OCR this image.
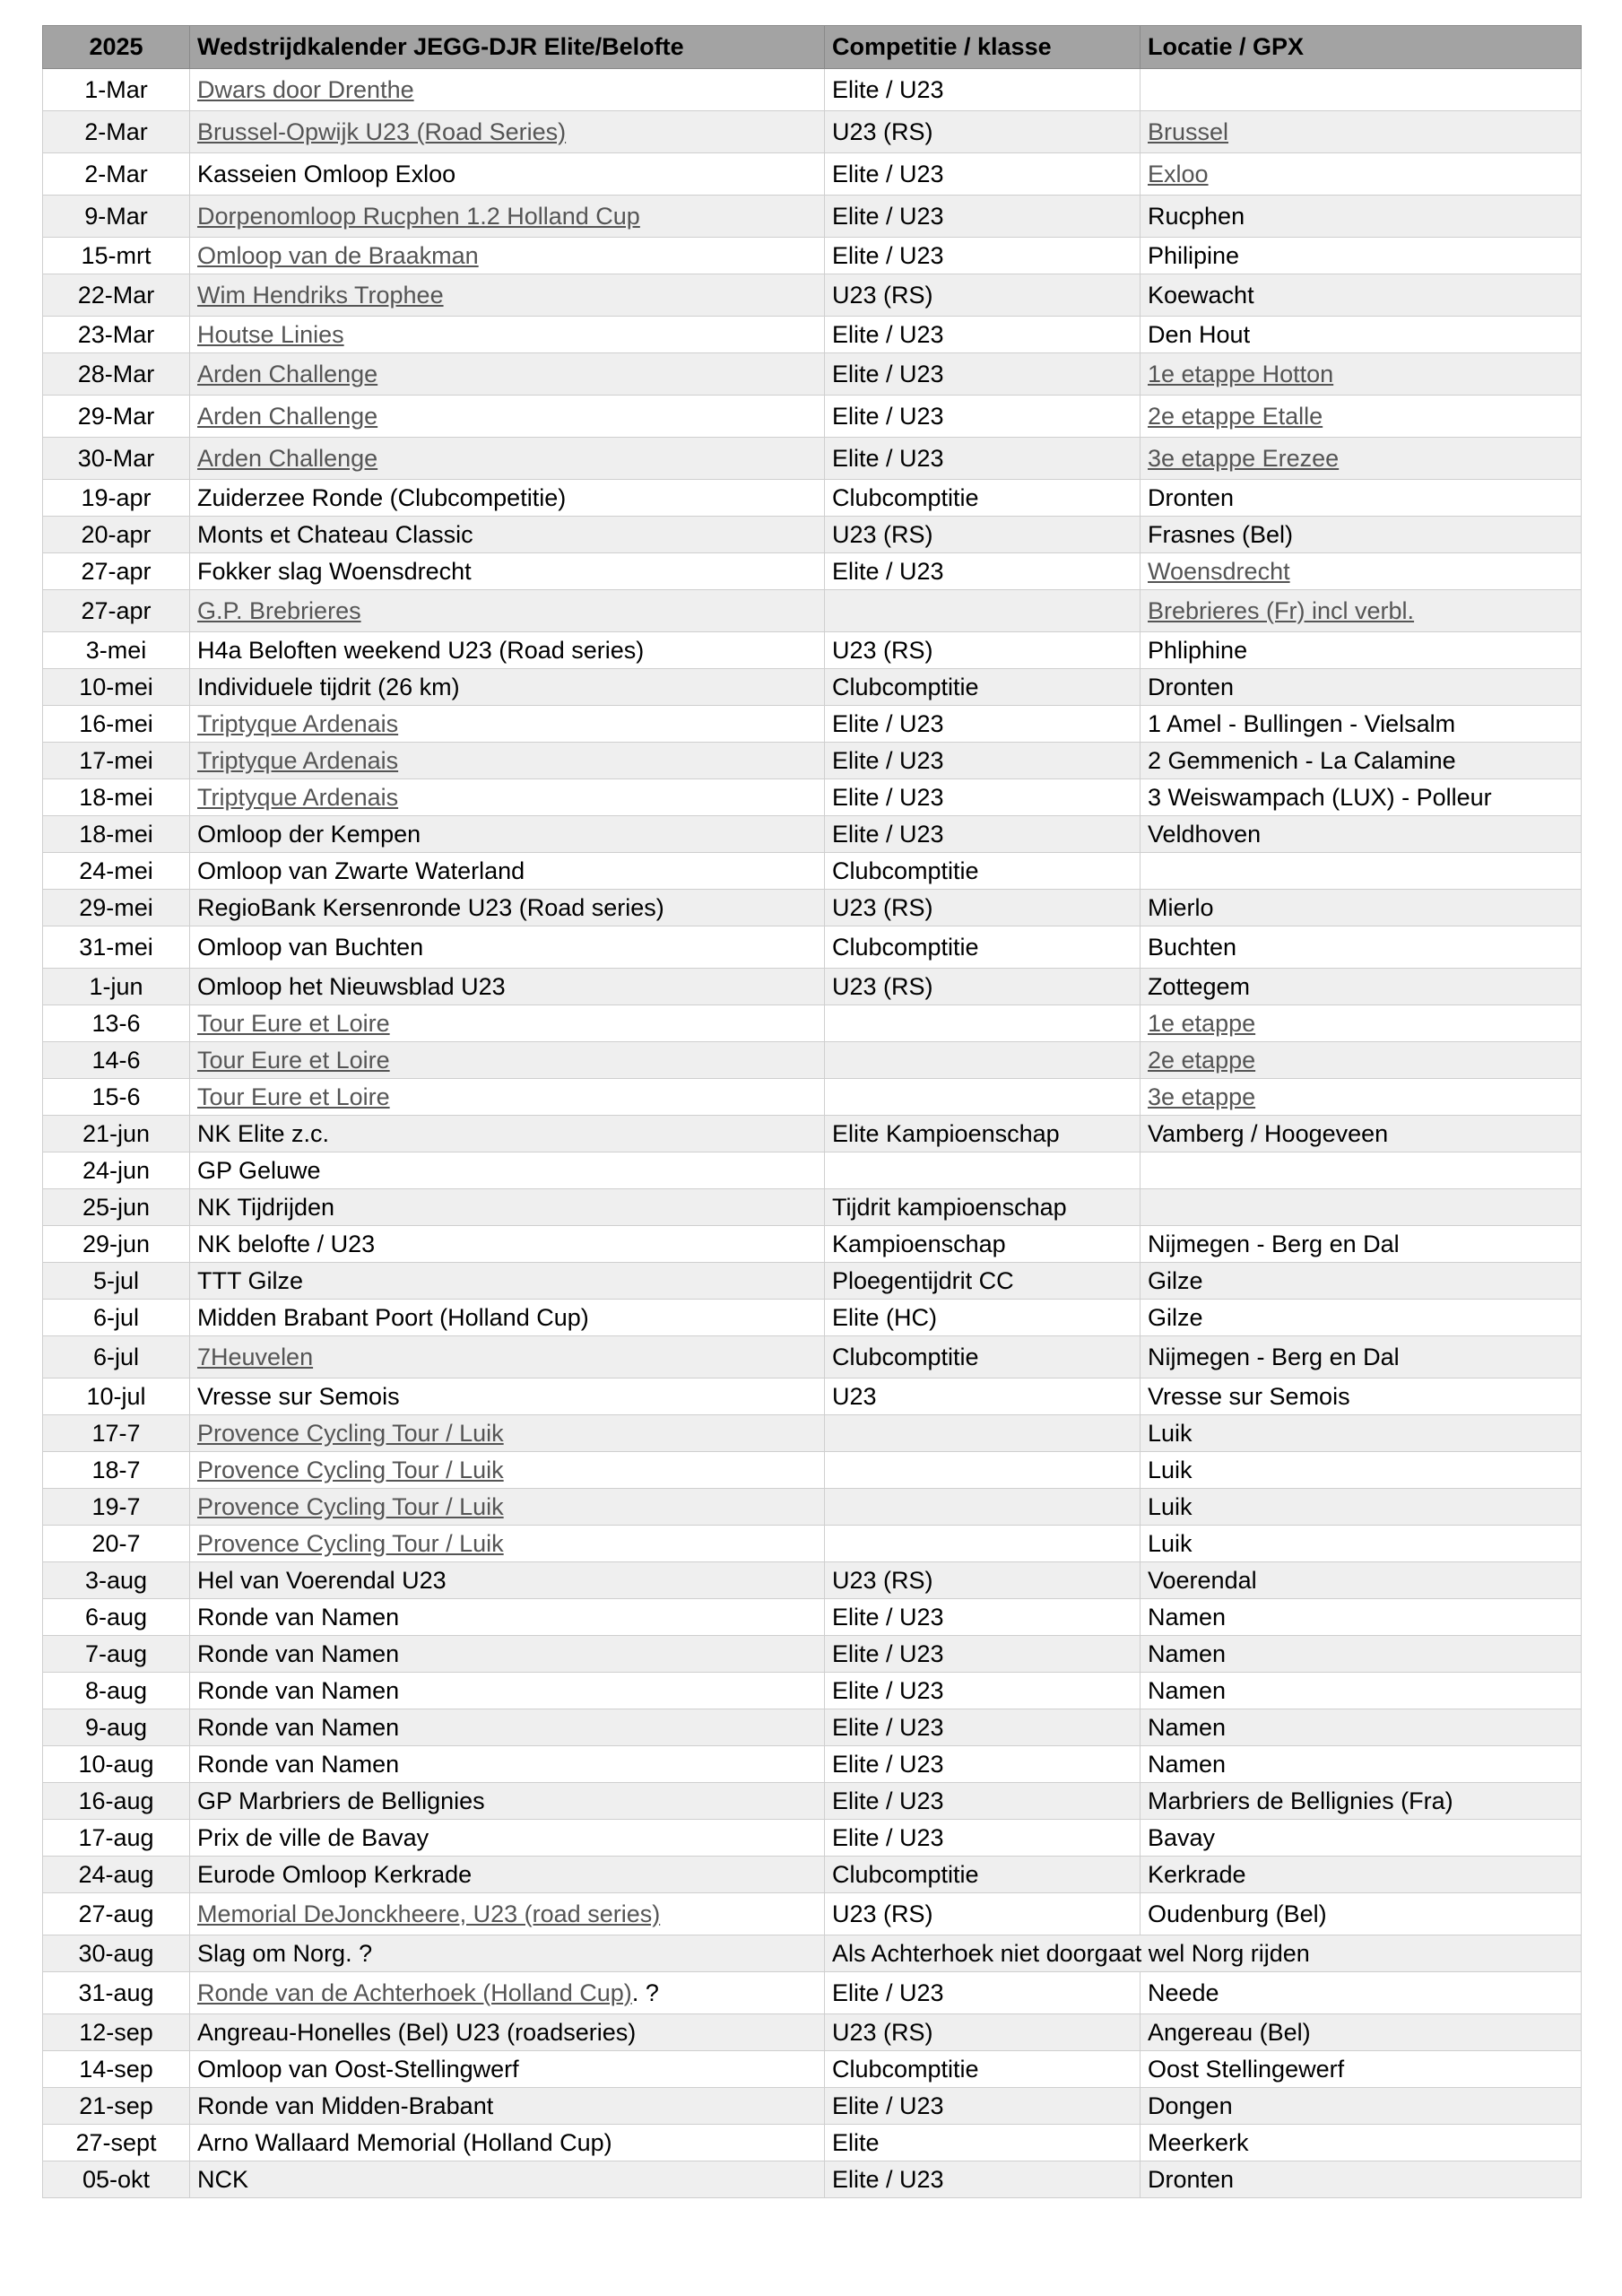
2025	Wedstrijdkalender JEGG-DJR Elite/Belofte	Competitie / klasse	Locatie / GPX
1-Mar	Dwars door Drenthe	Elite / U23	
2-Mar	Brussel-Opwijk U23 (Road Series)	U23 (RS)	Brussel
2-Mar	Kasseien Omloop Exloo	Elite / U23	Exloo
9-Mar	Dorpenomloop Rucphen 1.2 Holland Cup	Elite / U23	Rucphen
15-mrt	Omloop van de Braakman	Elite / U23	Philipine
22-Mar	Wim Hendriks Trophee	U23 (RS)	Koewacht
23-Mar	Houtse Linies	Elite / U23	Den Hout
28-Mar	Arden Challenge	Elite / U23	1e etappe Hotton
29-Mar	Arden Challenge	Elite / U23	2e etappe Etalle
30-Mar	Arden Challenge	Elite / U23	3e etappe Erezee
19-apr	Zuiderzee Ronde (Clubcompetitie)	Clubcomptitie	Dronten
20-apr	Monts et Chateau Classic	U23 (RS)	Frasnes (Bel)
27-apr	Fokker slag Woensdrecht	Elite / U23	Woensdrecht
27-apr	G.P. Brebrieres		Brebrieres (Fr) incl verbl.
3-mei	H4a Beloften weekend U23 (Road series)	U23 (RS)	Phliphine
10-mei	Individuele tijdrit (26 km)	Clubcomptitie	Dronten
16-mei	Triptyque Ardenais	Elite / U23	1 Amel - Bullingen - Vielsalm
17-mei	Triptyque Ardenais	Elite / U23	2 Gemmenich - La Calamine
18-mei	Triptyque Ardenais	Elite / U23	3 Weiswampach (LUX) - Polleur
18-mei	Omloop der Kempen	Elite / U23	Veldhoven
24-mei	Omloop van Zwarte Waterland	Clubcomptitie	
29-mei	RegioBank Kersenronde U23 (Road series)	U23 (RS)	Mierlo
31-mei	Omloop van Buchten	Clubcomptitie	Buchten
1-jun	Omloop het Nieuwsblad U23	U23 (RS)	Zottegem
13-6	Tour Eure et Loire		1e etappe
14-6	Tour Eure et Loire		2e etappe
15-6	Tour Eure et Loire		3e etappe
21-jun	NK Elite z.c.	Elite Kampioenschap	Vamberg / Hoogeveen
24-jun	GP Geluwe		
25-jun	NK Tijdrijden	Tijdrit kampioenschap	
29-jun	NK belofte / U23	Kampioenschap	Nijmegen - Berg en Dal
5-jul	TTT Gilze	Ploegentijdrit CC	Gilze
6-jul	Midden Brabant Poort (Holland Cup)	Elite (HC)	Gilze
6-jul	7Heuvelen	Clubcomptitie	Nijmegen - Berg en Dal
10-jul	Vresse sur Semois	U23	Vresse sur Semois
17-7	Provence Cycling Tour / Luik		Luik
18-7	Provence Cycling Tour / Luik		Luik
19-7	Provence Cycling Tour / Luik		Luik
20-7	Provence Cycling Tour / Luik		Luik
3-aug	Hel van Voerendal U23	U23 (RS)	Voerendal
6-aug	Ronde van Namen	Elite / U23	Namen
7-aug	Ronde van Namen	Elite / U23	Namen
8-aug	Ronde van Namen	Elite / U23	Namen
9-aug	Ronde van Namen	Elite / U23	Namen
10-aug	Ronde van Namen	Elite / U23	Namen
16-aug	GP Marbriers de Bellignies	Elite / U23	Marbriers de Bellignies (Fra)
17-aug	Prix de ville de Bavay	Elite / U23	Bavay
24-aug	Eurode Omloop Kerkrade	Clubcomptitie	Kerkrade
27-aug	Memorial DeJonckheere, U23 (road series)	U23 (RS)	Oudenburg (Bel)
30-aug	Slag om Norg. ?	Als Achterhoek niet doorgaat wel Norg rijden	
31-aug	Ronde van de Achterhoek (Holland Cup). ?	Elite / U23	Neede
12-sep	Angreau-Honelles (Bel) U23 (roadseries)	U23 (RS)	Angereau (Bel)
14-sep	Omloop van Oost-Stellingwerf	Clubcomptitie	Oost Stellingewerf
21-sep	Ronde van Midden-Brabant	Elite / U23	Dongen
27-sept	Arno Wallaard Memorial (Holland Cup)	Elite	Meerkerk
05-okt	NCK	Elite / U23	Dronten
